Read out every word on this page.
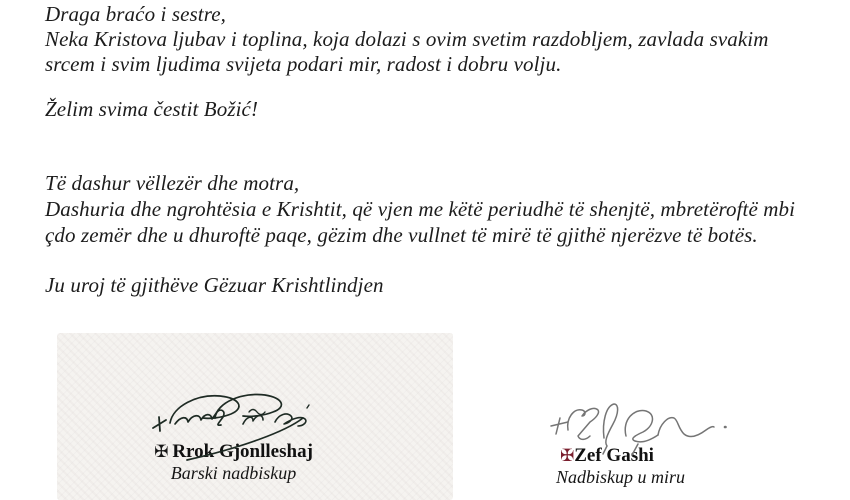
Draga braćo i sestre,
Neka Kristova ljubav i toplina, koja dolazi s ovim svetim razdobljem, zavlada svakim
srcem i svim ljudima svijeta podari mir, radost i dobru volju.
Želim svima čestit Božić!
Të dashur vëllezër dhe motra,
Dashuria dhe ngrohtësia e Krishtit, që vjen me këtë periudhë të shenjtë, mbretëroftë mbi
çdo zemër dhe u dhuroftë paqe, gëzim dhe vullnet të mirë të gjithë njerëzve të botës.
Ju uroj të gjithëve Gëzuar Krishtlindjen
✠ Rrok Gjonlleshaj
Barski nadbiskup
✠Zef Gashi
Nadbiskup u miru
